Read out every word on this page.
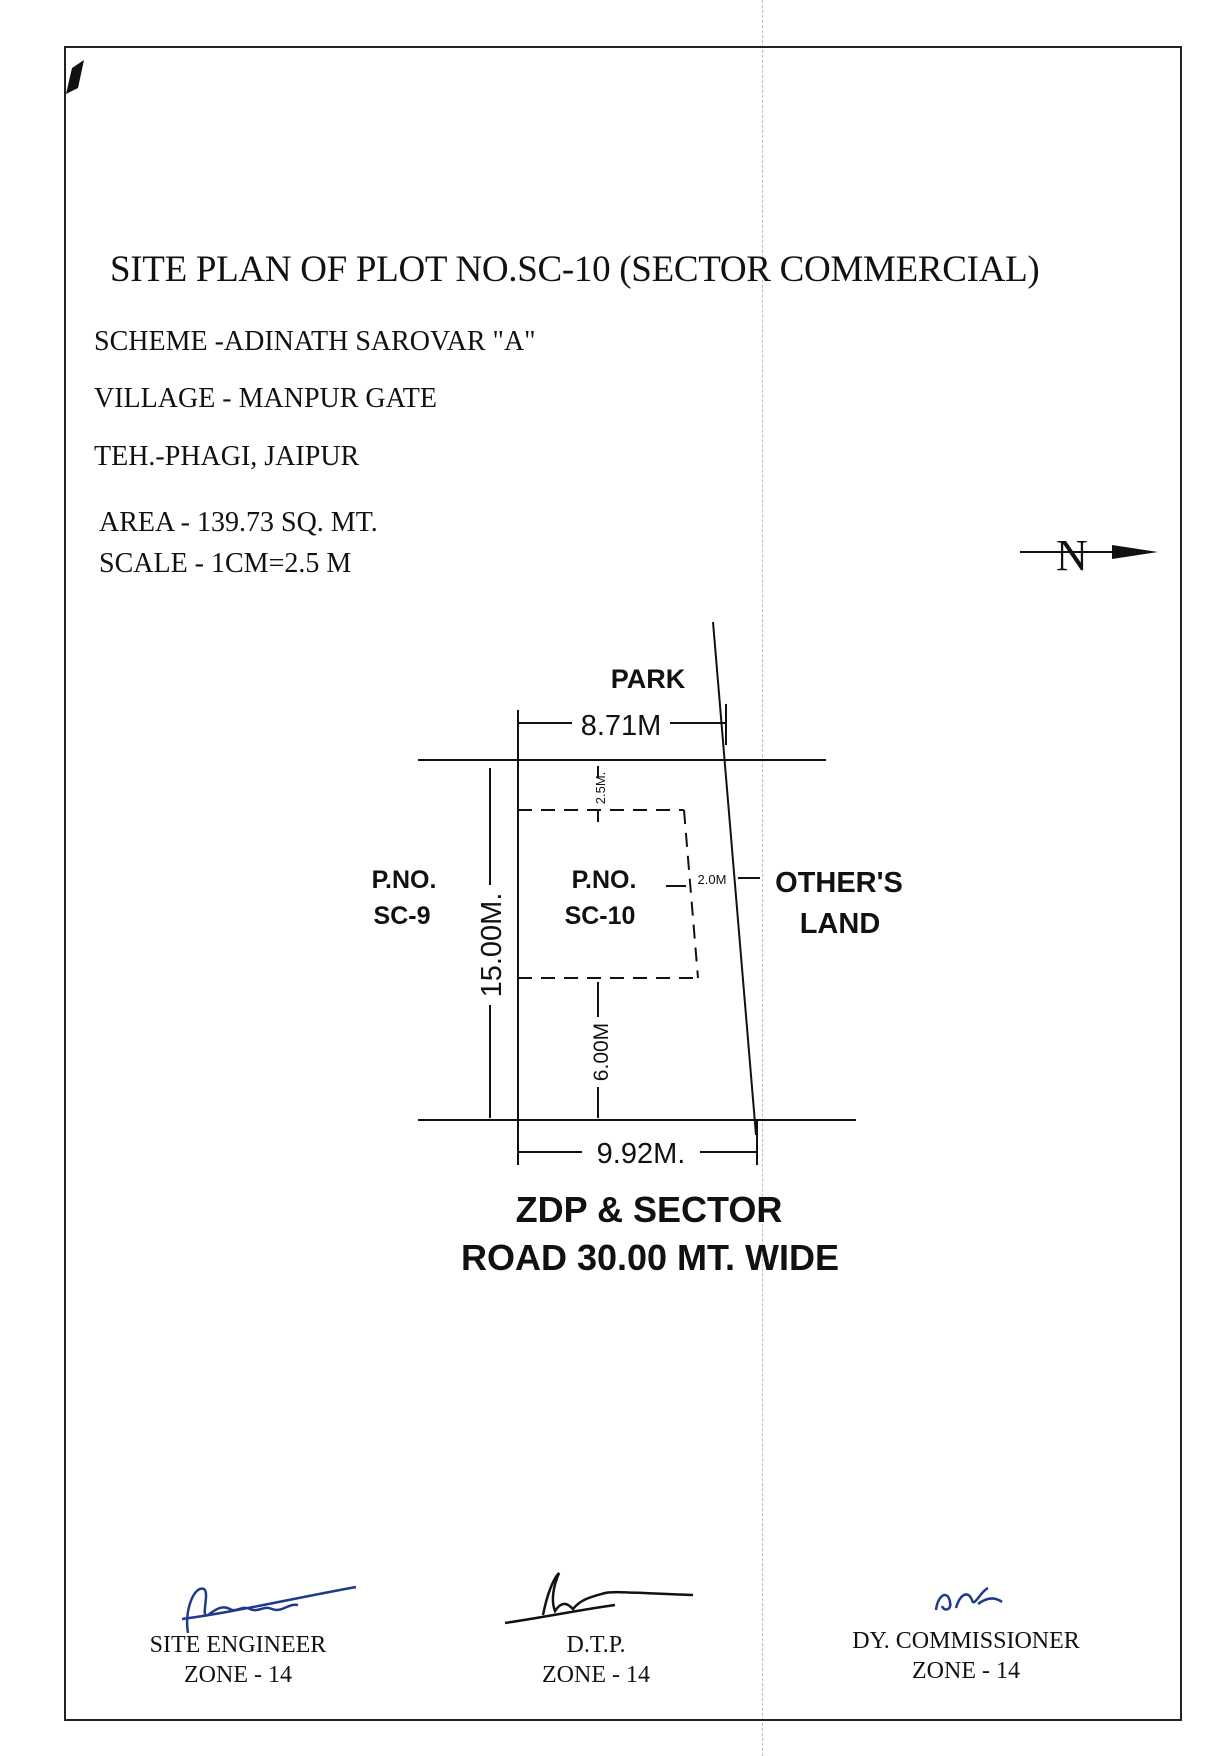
SITE PLAN OF PLOT NO.SC-10 (SECTOR COMMERCIAL)
SCHEME -ADINATH SAROVAR "A"
VILLAGE - MANPUR GATE
TEH.-PHAGI, JAIPUR
AREA - 139.73 SQ. MT.
SCALE - 1CM=2.5 M	N
PARK
8.71M
9.92M.
15.00M.
2.5M.
6.00M
2.0M
P.NO.
SC-10
P.NO.
SC-9
OTHER'S
LAND
ZDP & SECTOR
ROAD 30.00 MT. WIDE
SITE ENGINEER
ZONE - 14
D.T.P.
ZONE - 14
DY. COMMISSIONER
ZONE - 14
